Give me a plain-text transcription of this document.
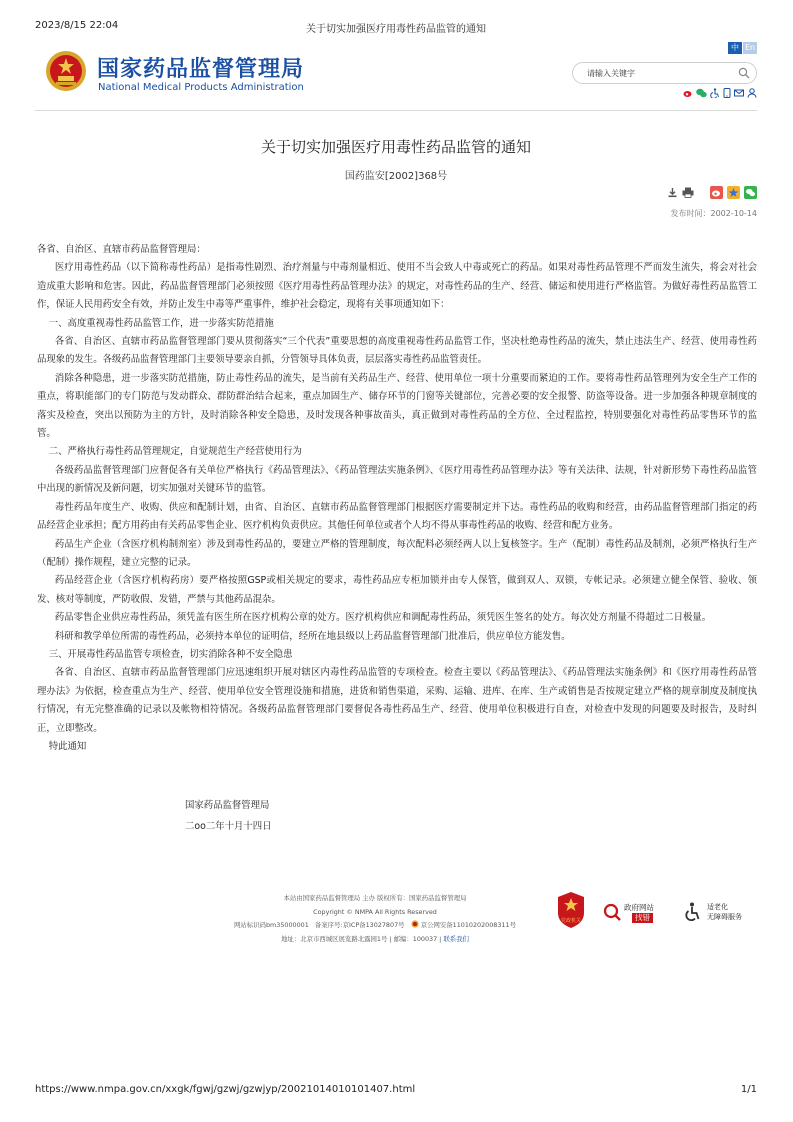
2023/8/15 22:04	关于切实加强医疗用毒性药品监管的通知
国家药品监督管理局
National Medical Products Administration
中 En
请输入关键字
关于切实加强医疗用毒性药品监管的通知
国药监安[2002]368号
发布时间：2002-10-14

各省、自治区、直辖市药品监督管理局：

医疗用毒性药品（以下简称毒性药品）是指毒性剧烈、治疗剂量与中毒剂量相近、使用不当会致人中毒或死亡的药品。如果对毒性药品管理不严而发生流失，将会对社会造成重大影响和危害。因此，药品监督管理部门必须按照《医疗用毒性药品管理办法》的规定，对毒性药品的生产、经营、储运和使用进行严格监管。为做好毒性药品监管工作，保证人民用药安全有效，并防止发生中毒等严重事件，维护社会稳定，现将有关事项通知如下：

一、高度重视毒性药品监管工作，进一步落实防范措施

各省、自治区、直辖市药品监督管理部门要从贯彻落实“三个代表”重要思想的高度重视毒性药品监管工作，坚决杜绝毒性药品的流失，禁止违法生产、经营、使用毒性药品现象的发生。各级药品监督管理部门主要领导要亲自抓，分管领导具体负责，层层落实毒性药品监管责任。

消除各种隐患，进一步落实防范措施，防止毒性药品的流失，是当前有关药品生产、经营、使用单位一项十分重要而紧迫的工作。要将毒性药品管理列为安全生产工作的重点，将职能部门的专门防范与发动群众、群防群治结合起来，重点加固生产、储存环节的门窗等关键部位，完善必要的安全报警、防盗等设备。进一步加强各种规章制度的落实及检查，突出以预防为主的方针，及时消除各种安全隐患，及时发现各种事故苗头，真正做到对毒性药品的全方位、全过程监控，特别要强化对毒性药品零售环节的监管。

二、严格执行毒性药品管理规定，自觉规范生产经营使用行为

各级药品监督管理部门应督促各有关单位严格执行《药品管理法》、《药品管理法实施条例》、《医疗用毒性药品管理办法》等有关法律、法规，针对新形势下毒性药品监管中出现的新情况及新问题，切实加强对关键环节的监管。

毒性药品年度生产、收购、供应和配制计划，由省、自治区、直辖市药品监督管理部门根据医疗需要制定并下达。毒性药品的收购和经营，由药品监督管理部门指定的药品经营企业承担；配方用药由有关药品零售企业、医疗机构负责供应。其他任何单位或者个人均不得从事毒性药品的收购、经营和配方业务。

药品生产企业（含医疗机构制剂室）涉及到毒性药品的，要建立严格的管理制度，每次配料必须经两人以上复核签字。生产（配制）毒性药品及制剂，必须严格执行生产（配制）操作规程，建立完整的记录。

药品经营企业（含医疗机构药房）要严格按照GSP或相关规定的要求，毒性药品应专柜加锁并由专人保管，做到双人、双锁，专帐记录。必须建立健全保管、验收、领发、核对等制度，严防收假、发错，严禁与其他药品混杂。

药品零售企业供应毒性药品，须凭盖有医生所在医疗机构公章的处方。医疗机构供应和调配毒性药品，须凭医生签名的处方。每次处方剂量不得超过二日极量。

科研和教学单位所需的毒性药品，必须持本单位的证明信，经所在地县级以上药品监督管理部门批准后，供应单位方能发售。

三、开展毒性药品监管专项检查，切实消除各种不安全隐患

各省、自治区、直辖市药品监督管理部门应迅速组织开展对辖区内毒性药品监管的专项检查。检查主要以《药品管理法》、《药品管理法实施条例》和《医疗用毒性药品管理办法》为依据，检查重点为生产、经营、使用单位安全管理设施和措施，进货和销售渠道，采购、运输、进库、在库、生产或销售是否按规定建立严格的规章制度及制度执行情况，有无完整准确的记录以及帐物相符情况。各级药品监督管理部门要督促各毒性药品生产、经营、使用单位积极进行自查，对检查中发现的问题要及时报告，及时纠正，立即整改。

特此通知

国家药品监督管理局
二oo二年十月十四日
本站由国家药品监督管理局 主办 版权所有：国家药品监督管理局
Copyright © NMPA All Rights Reserved
网站标识码bm35000001 备案序号:京ICP备13027807号	京公网安备11010202008311号
地址：北京市西城区展览路北露园1号 | 邮编：100037 | 联系我们
党政机关
政府网站
找错
适老化
无障碍服务
https://www.nmpa.gov.cn/xxgk/fgwj/gzwj/gzwjyp/20021014010101407.html	1/1
